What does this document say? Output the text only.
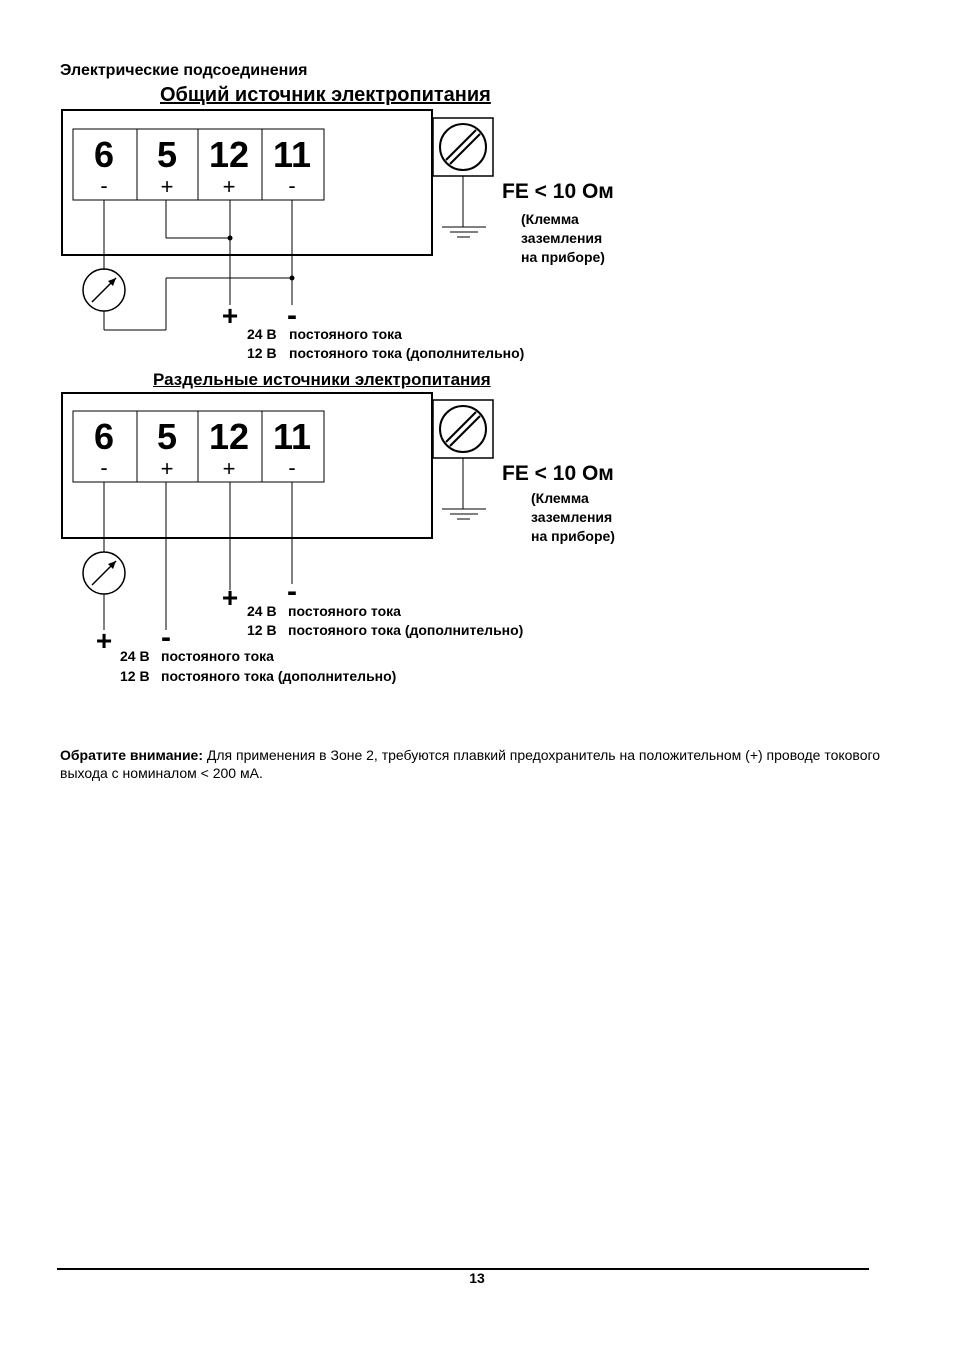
Электрические подсоединения
Общий источник электропитания
Раздельные источники электропитания
6 5 12 11
6 5 12 11
- + + -
- + + -
FE < 10 Ом
(Клемма
заземления
на приборе)
FE < 10 Ом
(Клемма
заземления
на приборе)
+ -
+ -
+ -
24 В постояного тока
12 В постояного тока (дополнительно)
24 В постояного тока
12 В постояного тока (дополнительно)
24 В постояного тока
12 В постояного тока (дополнительно)
Обратите внимание: Для применения в Зоне 2, требуются плавкий предохранитель на положительном (+) проводе токового выхода с номиналом < 200 мА.
13
